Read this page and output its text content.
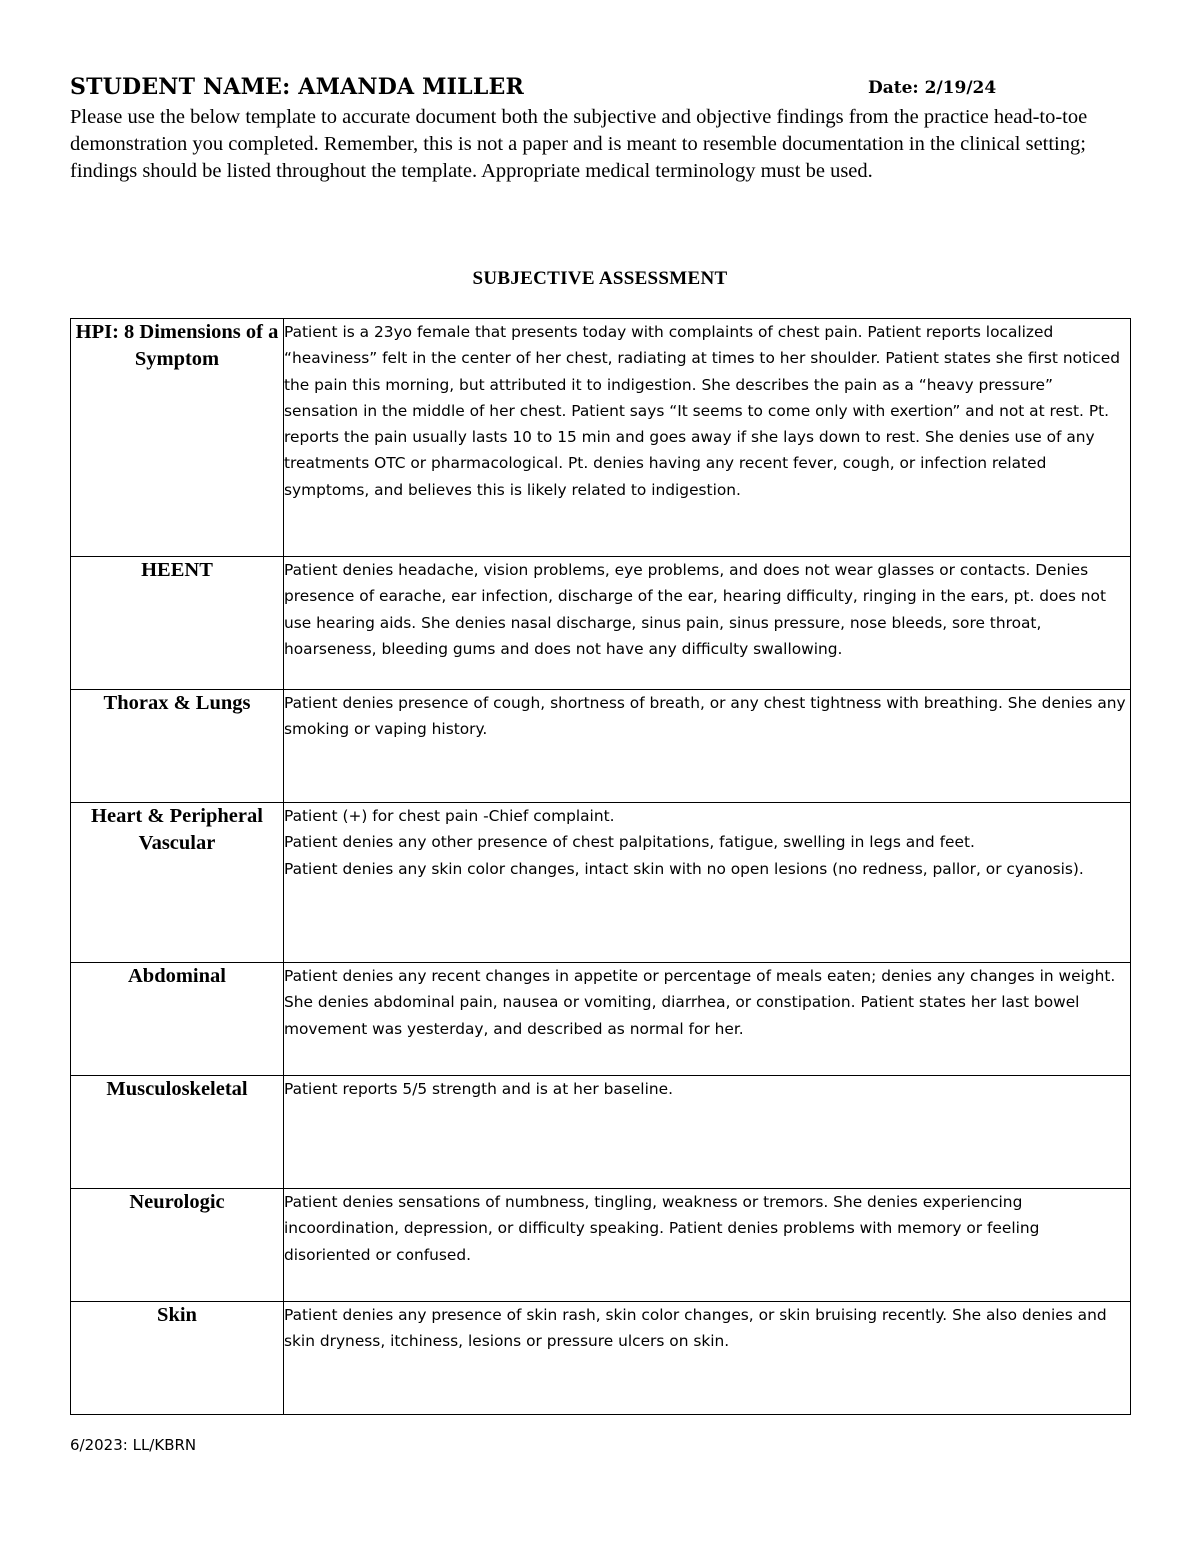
STUDENT NAME: AMANDA MILLER	Date: 2/19/24
Please use the below template to accurate document both the subjective and objective findings from the practice head-to-toe demonstration you completed. Remember, this is not a paper and is meant to resemble documentation in the clinical setting; findings should be listed throughout the template. Appropriate medical terminology must be used.
SUBJECTIVE ASSESSMENT
HPI: 8 Dimensions of a Symptom	Patient is a 23yo female that presents today with complaints of chest pain. Patient reports localized “heaviness” felt in the center of her chest, radiating at times to her shoulder. Patient states she first noticed the pain this morning, but attributed it to indigestion. She describes the pain as a “heavy pressure” sensation in the middle of her chest. Patient says “It seems to come only with exertion” and not at rest. Pt. reports the pain usually lasts 10 to 15 min and goes away if she lays down to rest. She denies use of any treatments OTC or pharmacological. Pt. denies having any recent fever, cough, or infection related symptoms, and believes this is likely related to indigestion.
HEENT	Patient denies headache, vision problems, eye problems, and does not wear glasses or contacts. Denies presence of earache, ear infection, discharge of the ear, hearing difficulty, ringing in the ears, pt. does not use hearing aids. She denies nasal discharge, sinus pain, sinus pressure, nose bleeds, sore throat, hoarseness, bleeding gums and does not have any difficulty swallowing.
Thorax & Lungs	Patient denies presence of cough, shortness of breath, or any chest tightness with breathing. She denies any smoking or vaping history.
Heart & Peripheral Vascular	Patient (+) for chest pain -Chief complaint.
Patient denies any other presence of chest palpitations, fatigue, swelling in legs and feet.
Patient denies any skin color changes, intact skin with no open lesions (no redness, pallor, or cyanosis).

Abdominal	Patient denies any recent changes in appetite or percentage of meals eaten; denies any changes in weight. She denies abdominal pain, nausea or vomiting, diarrhea, or constipation. Patient states her last bowel movement was yesterday, and described as normal for her.
Musculoskeletal	Patient reports 5/5 strength and is at her baseline.
Neurologic	Patient denies sensations of numbness, tingling, weakness or tremors. She denies experiencing incoordination, depression, or difficulty speaking. Patient denies problems with memory or feeling disoriented or confused.
Skin	Patient denies any presence of skin rash, skin color changes, or skin bruising recently. She also denies and skin dryness, itchiness, lesions or pressure ulcers on skin.
6/2023: LL/KBRN
